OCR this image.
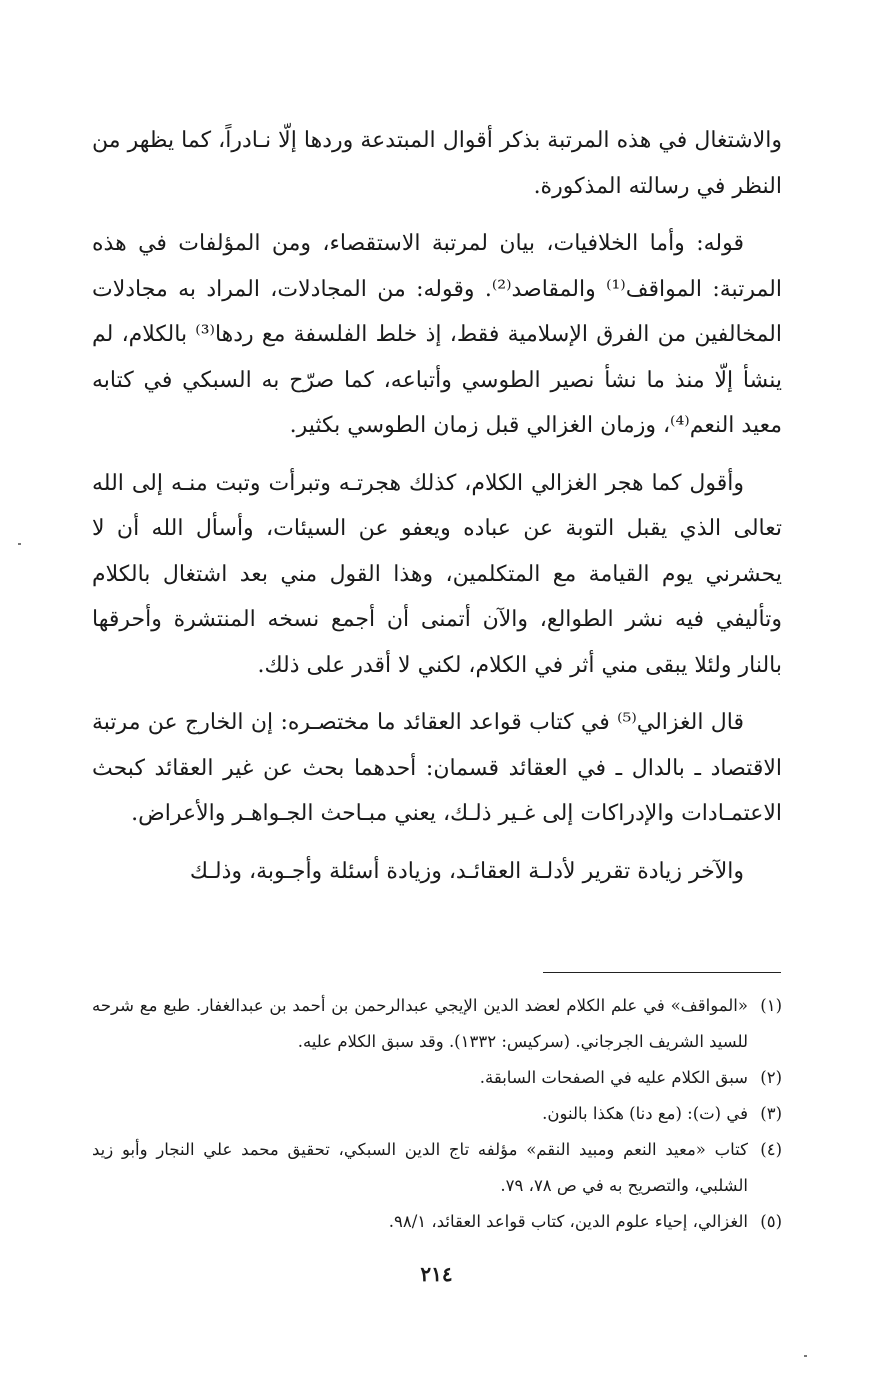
والاشتغال في هذه المرتبة بذكر أقوال المبتدعة وردها إلّا نـادراً، كما يظهر من النظر في رسالته المذكورة.

قوله: وأما الخلافيات، بيان لمرتبة الاستقصاء، ومن المؤلفات في هذه المرتبة: المواقف⁽¹⁾ والمقاصد⁽²⁾. وقوله: من المجادلات، المراد به مجادلات المخالفين من الفرق الإسلامية فقط، إذ خلط الفلسفة مع ردها⁽³⁾ بالكلام، لم ينشأ إلّا منذ ما نشأ نصير الطوسي وأتباعه، كما صرّح به السبكي في كتابه معيد النعم⁽⁴⁾، وزمان الغزالي قبل زمان الطوسي بكثير.

وأقول كما هجر الغزالي الكلام، كذلك هجرتـه وتبرأت وتبت منـه إلى الله تعالى الذي يقبل التوبة عن عباده ويعفو عن السيئات، وأسأل الله أن لا يحشرني يوم القيامة مع المتكلمين، وهذا القول مني بعد اشتغال بالكلام وتأليفي فيه نشر الطوالع، والآن أتمنى أن أجمع نسخه المنتشرة وأحرقها بالنار ولئلا يبقى مني أثر في الكلام، لكني لا أقدر على ذلك.

قال الغزالي⁽⁵⁾ في كتاب قواعد العقائد ما مختصـره: إن الخارج عن مرتبة الاقتصاد ـ بالدال ـ في العقائد قسمان: أحدهما بحث عن غير العقائد كبحث الاعتمـادات والإدراكات إلى غـير ذلـك، يعني مبـاحث الجـواهـر والأعراض.

والآخر زيادة تقرير لأدلـة العقائـد، وزيادة أسئلة وأجـوبة، وذلـك

(١)
«المواقف» في علم الكلام لعضد الدين الإيجي عبدالرحمن بن أحمد بن عبدالغفار. طبع مع شرحه للسيد الشريف الجرجاني. (سركيس: ١٣٣٢). وقد سبق الكلام عليه.
(٢)
سبق الكلام عليه في الصفحات السابقة.
(٣)
في (ت): (مع دنا) هكذا بالنون.
(٤)
كتاب «معيد النعم ومبيد النقم» مؤلفه تاج الدين السبكي، تحقيق محمد علي النجار وأبو زيد الشلبي، والتصريح به في ص ٧٨، ٧٩.
(٥)
الغزالي، إحياء علوم الدين، كتاب قواعد العقائد، ٩٨/١.
٢١٤
